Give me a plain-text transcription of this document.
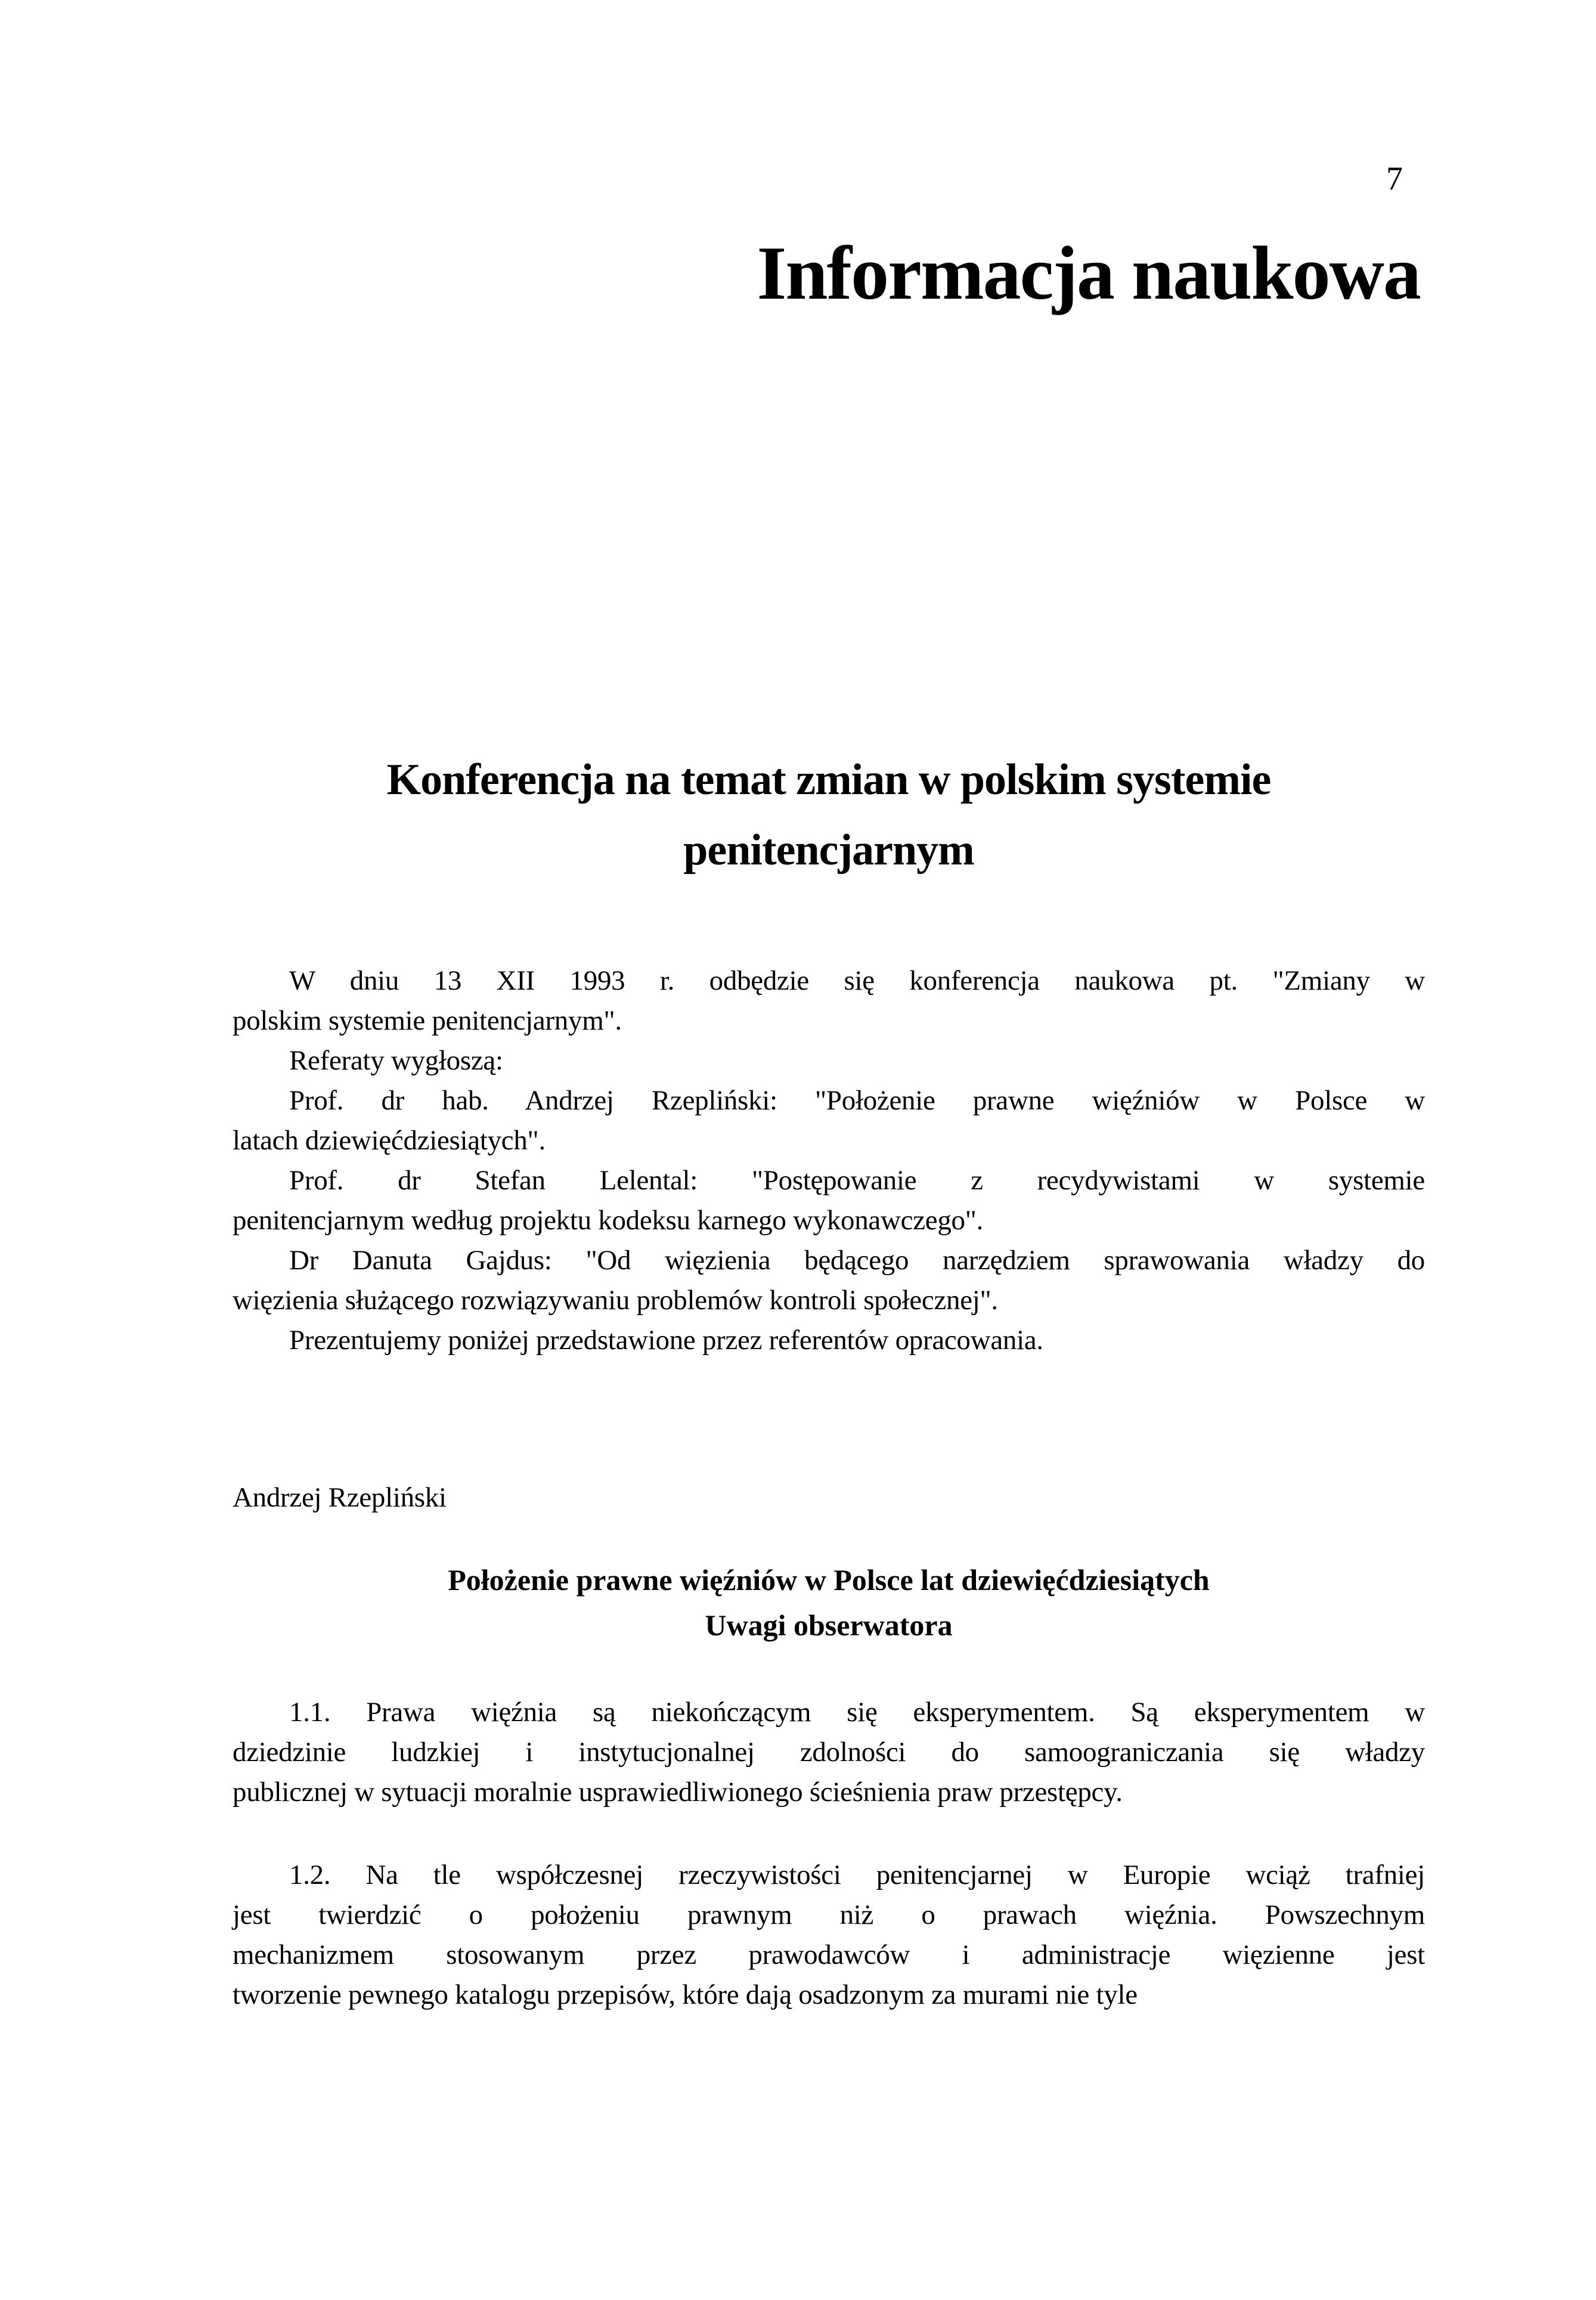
7
Informacja naukowa
Konferencja na temat zmian w polskim systemie
penitencjarnym
W dniu 13 XII 1993 r. odbędzie się konferencja naukowa pt. "Zmiany w
polskim systemie penitencjarnym".
Referaty wygłoszą:
Prof. dr hab. Andrzej Rzepliński: "Położenie prawne więźniów w Polsce w
latach dziewięćdziesiątych".
Prof. dr Stefan Lelental: "Postępowanie z recydywistami w systemie
penitencjarnym według projektu kodeksu karnego wykonawczego".
Dr Danuta Gajdus: "Od więzienia będącego narzędziem sprawowania władzy do
więzienia służącego rozwiązywaniu problemów kontroli społecznej".
Prezentujemy poniżej przedstawione przez referentów opracowania.
Andrzej Rzepliński
Położenie prawne więźniów w Polsce lat dziewięćdziesiątych
Uwagi obserwatora
1.1. Prawa więźnia są niekończącym się eksperymentem. Są eksperymentem w
dziedzinie ludzkiej i instytucjonalnej zdolności do samoograniczania się władzy
publicznej w sytuacji moralnie usprawiedliwionego ścieśnienia praw przestępcy.
1.2. Na tle współczesnej rzeczywistości penitencjarnej w Europie wciąż trafniej
jest twierdzić o położeniu prawnym niż o prawach więźnia. Powszechnym
mechanizmem stosowanym przez prawodawców i administracje więzienne jest
tworzenie pewnego katalogu przepisów, które dają osadzonym za murami nie tyle
